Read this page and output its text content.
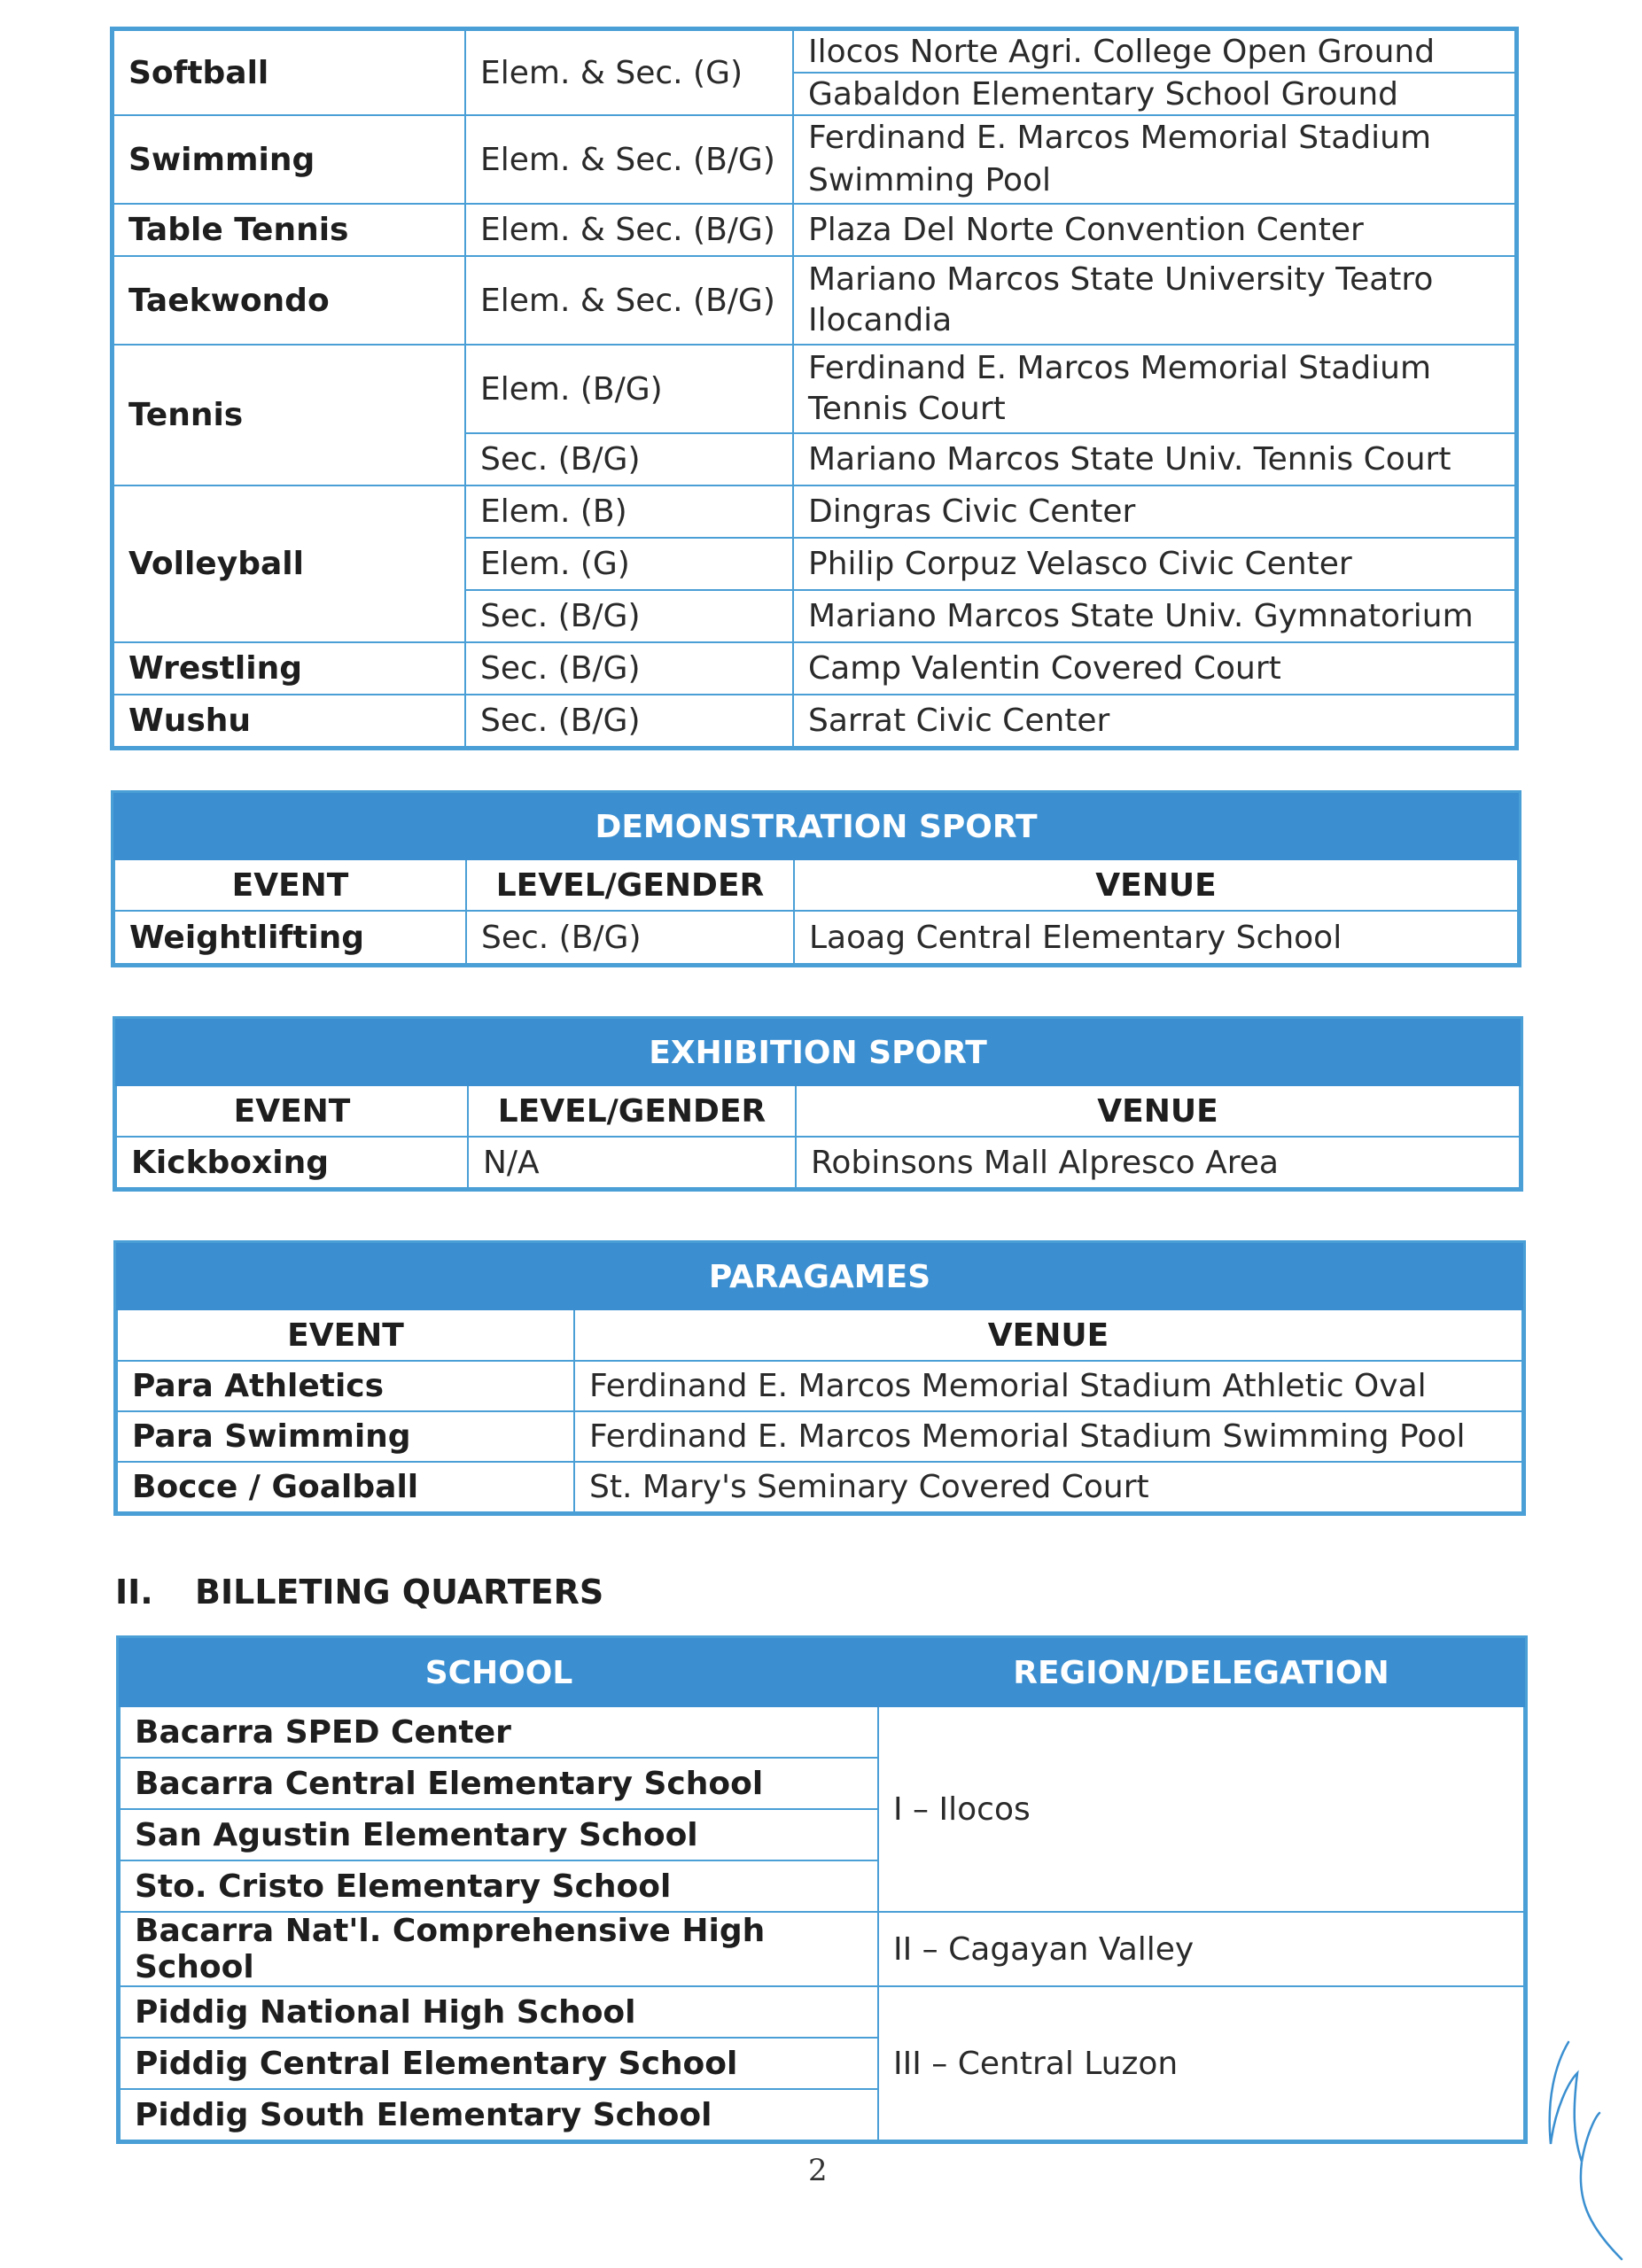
Softball	Elem. & Sec. (G)	Ilocos Norte Agri. College Open Ground
		Gabaldon Elementary School Ground
Swimming	Elem. & Sec. (B/G)	Ferdinand E. Marcos Memorial Stadium Swimming Pool
Table Tennis	Elem. & Sec. (B/G)	Plaza Del Norte Convention Center
Taekwondo	Elem. & Sec. (B/G)	Mariano Marcos State University Teatro Ilocandia
Tennis	Elem. (B/G)	Ferdinand E. Marcos Memorial Stadium Tennis Court
	Sec. (B/G)	Mariano Marcos State Univ. Tennis Court
Volleyball	Elem. (B)	Dingras Civic Center
	Elem. (G)	Philip Corpuz Velasco Civic Center
	Sec. (B/G)	Mariano Marcos State Univ. Gymnatorium
Wrestling	Sec. (B/G)	Camp Valentin Covered Court
Wushu	Sec. (B/G)	Sarrat Civic Center
DEMONSTRATION SPORT		
EVENT	LEVEL/GENDER	VENUE
Weightlifting	Sec. (B/G)	Laoag Central Elementary School
EXHIBITION SPORT		
EVENT	LEVEL/GENDER	VENUE
Kickboxing	N/A	Robinsons Mall Alpresco Area
PARAGAMES	
EVENT	VENUE
Para Athletics	Ferdinand E. Marcos Memorial Stadium Athletic Oval
Para Swimming	Ferdinand E. Marcos Memorial Stadium Swimming Pool
Bocce / Goalball	St. Mary's Seminary Covered Court
II. BILLETING QUARTERS
SCHOOL	REGION/DELEGATION
Bacarra SPED Center	I – Ilocos
Bacarra Central Elementary School	
San Agustin Elementary School	
Sto. Cristo Elementary School	
Bacarra Nat'l. Comprehensive High School	II – Cagayan Valley
Piddig National High School	III – Central Luzon
Piddig Central Elementary School	
Piddig South Elementary School	
2
